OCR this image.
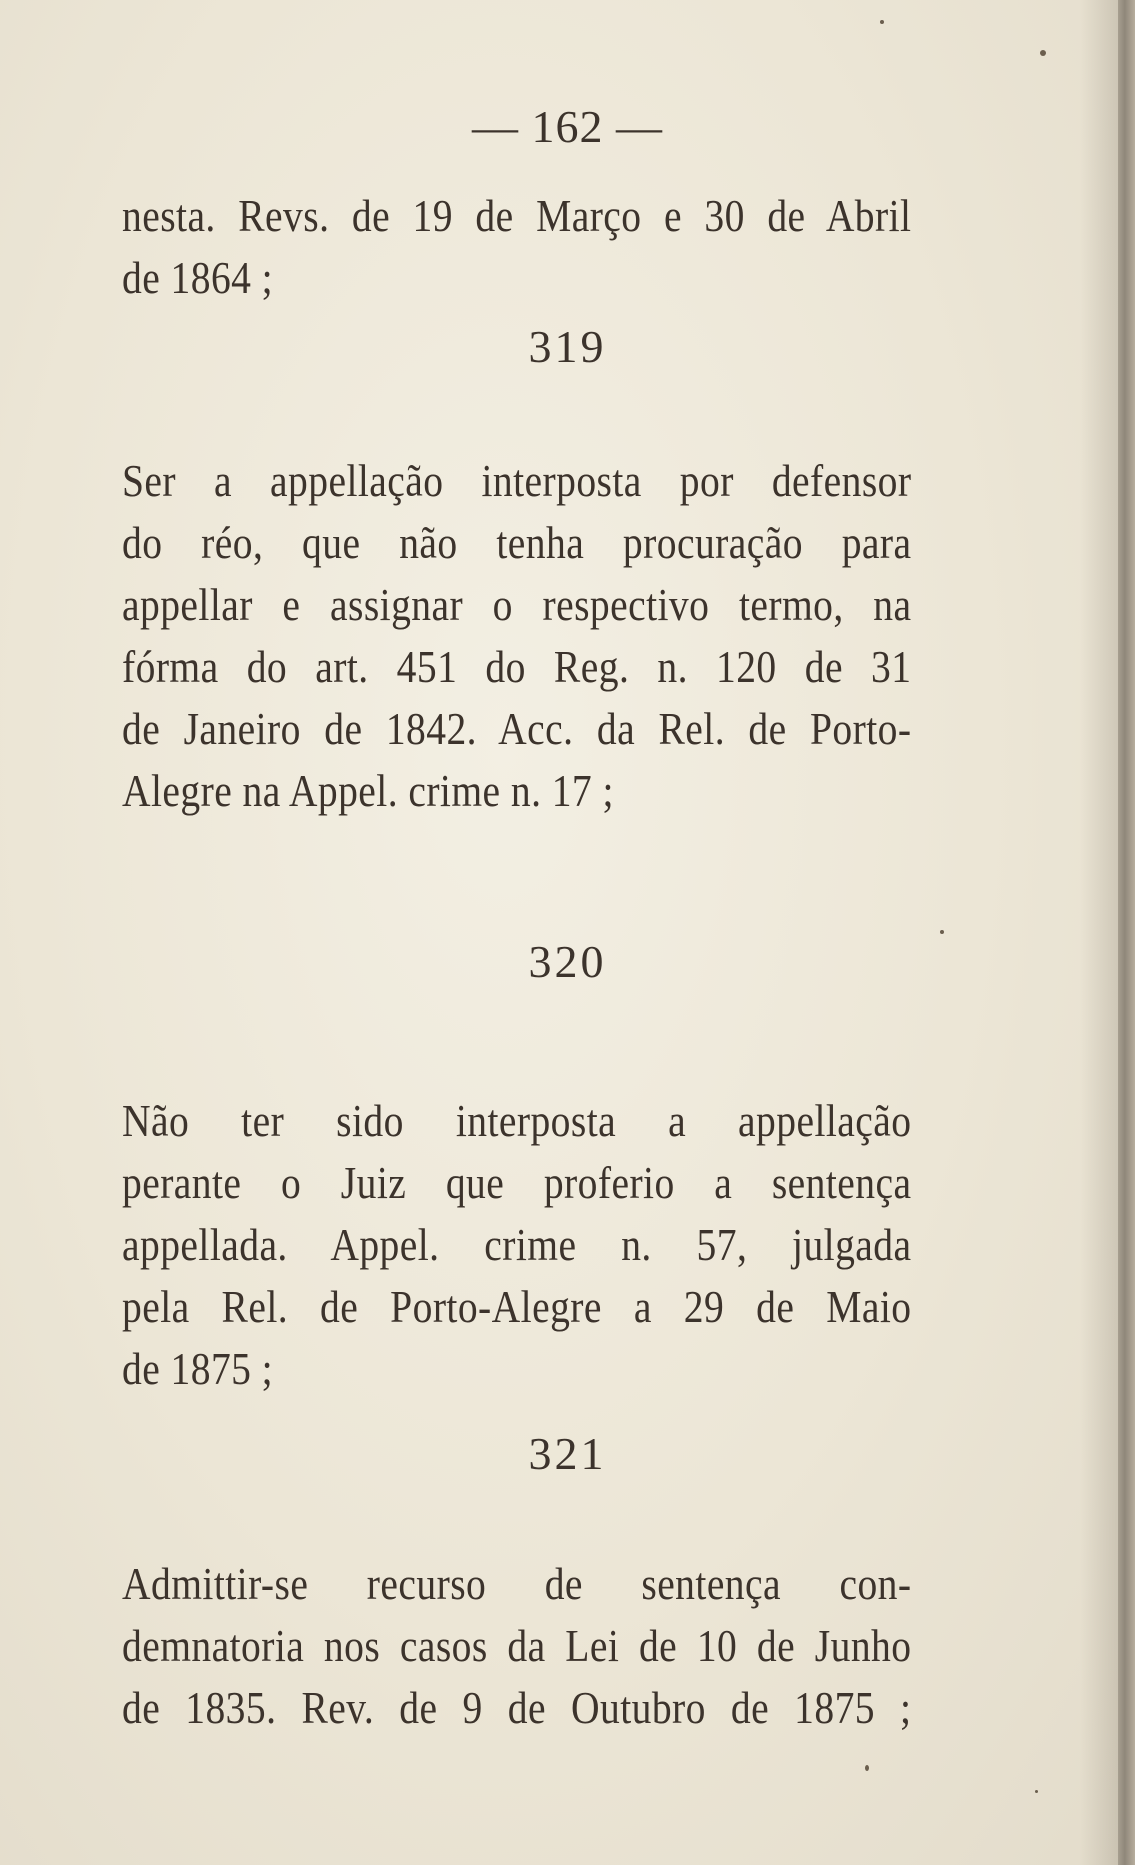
— 162 —
nesta. Revs. de 19 de Março e 30 de Abril
de 1864 ;
319
Ser a appellação interposta por defensor
do réo, que não tenha procuração para
appellar e assignar o respectivo termo, na
fórma do art. 451 do Reg. n. 120 de 31
de Janeiro de 1842. Acc. da Rel. de Porto-
Alegre na Appel. crime n. 17 ;
320
Não ter sido interposta a appellação
perante o Juiz que proferio a sentença
appellada. Appel. crime n. 57, julgada
pela Rel. de Porto-Alegre a 29 de Maio
de 1875 ;
321
Admittir-se recurso de sentença con-
demnatoria nos casos da Lei de 10 de Junho
de 1835. Rev. de 9 de Outubro de 1875 ;
